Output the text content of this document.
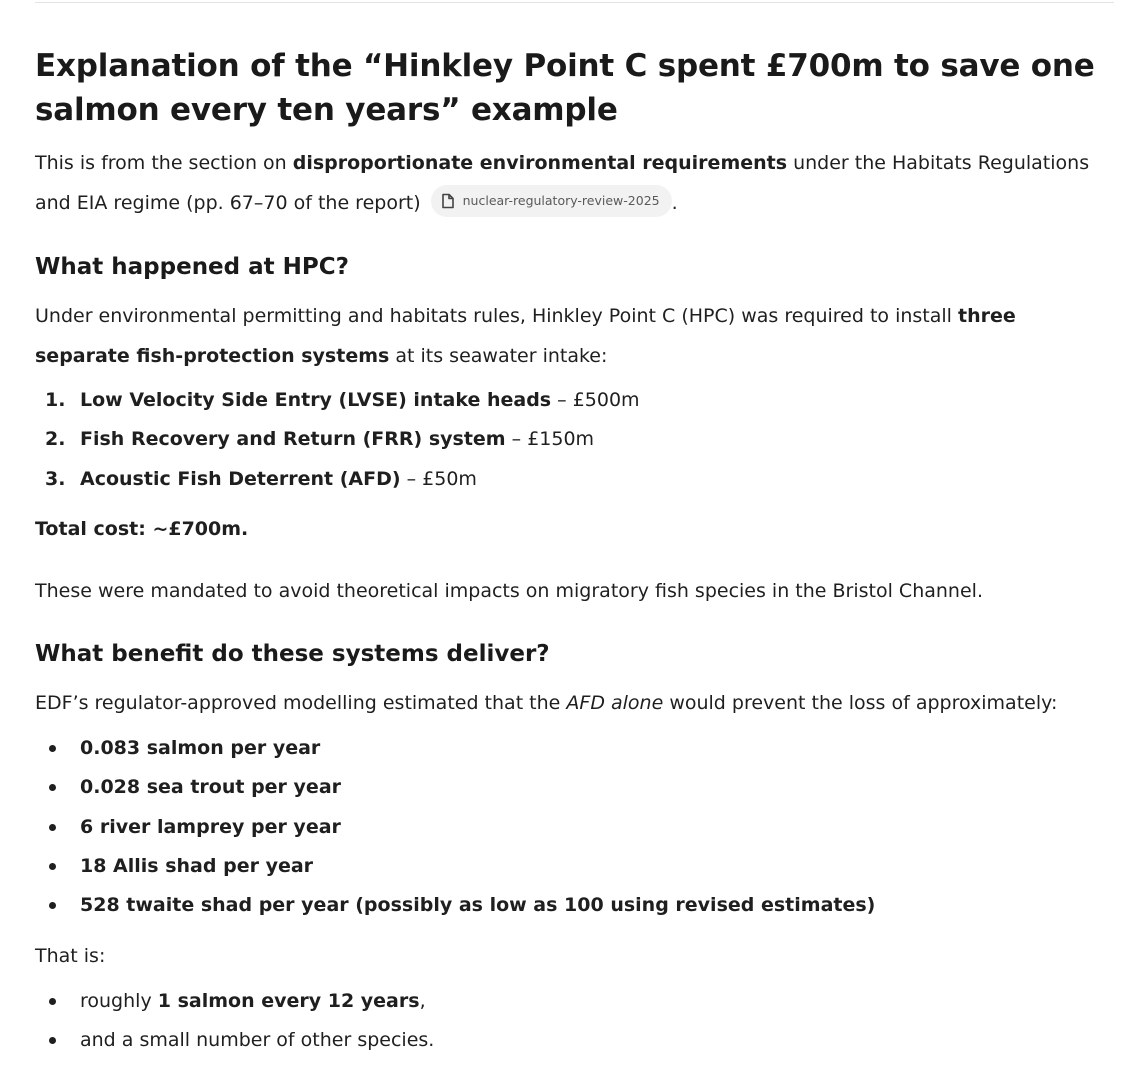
Explanation of the “Hinkley Point C spent £700m to save one salmon every ten years” example

This is from the section on disproportionate environmental requirements under the Habitats Regulations and EIA regime (pp. 67–70 of the report)	nuclear-regulatory-review-2025 .

What happened at HPC?

Under environmental permitting and habitats rules, Hinkley Point C (HPC) was required to install three separate fish-protection systems at its seawater intake:

1. Low Velocity Side Entry (LVSE) intake heads – £500m
2. Fish Recovery and Return (FRR) system – £150m
3. Acoustic Fish Deterrent (AFD) – £50m
Total cost: ~£700m.

These were mandated to avoid theoretical impacts on migratory fish species in the Bristol Channel.

What benefit do these systems deliver?

EDF’s regulator-approved modelling estimated that the AFD alone would prevent the loss of approximately:

0.083 salmon per year
0.028 sea trout per year
6 river lamprey per year
18 Allis shad per year
528 twaite shad per year (possibly as low as 100 using revised estimates)

That is:

roughly 1 salmon every 12 years,
and a small number of other species.
